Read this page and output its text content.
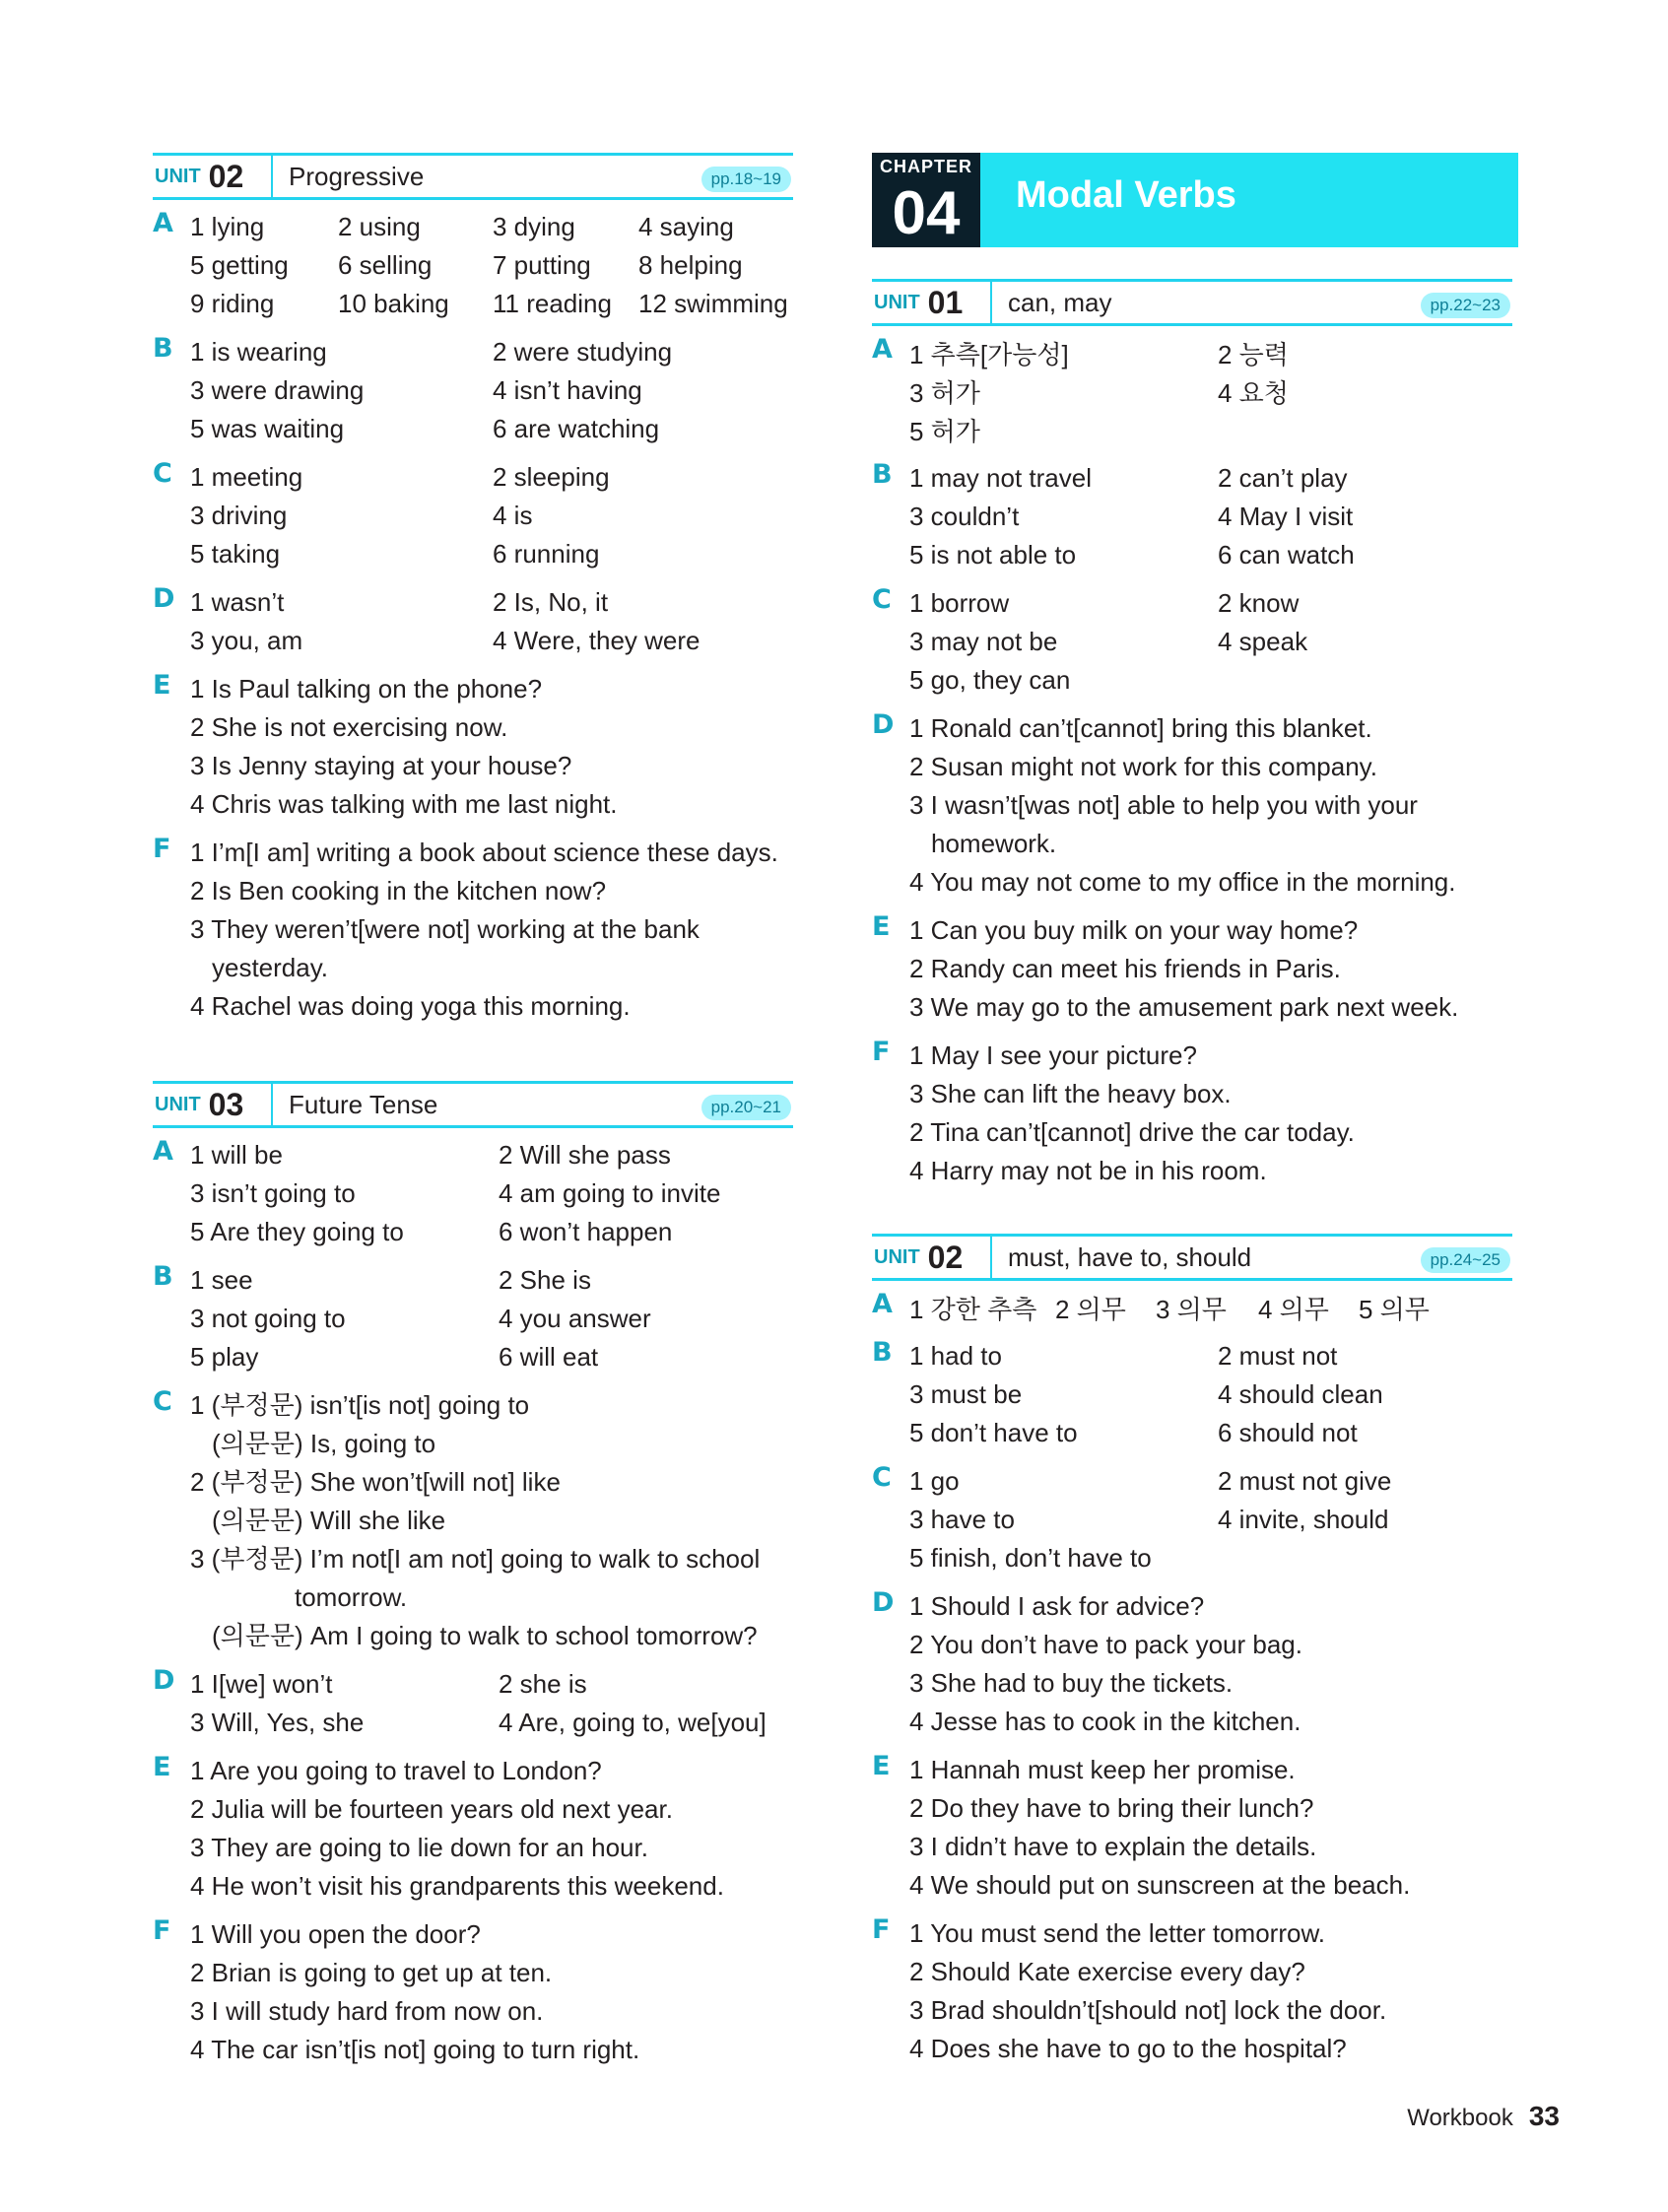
UNIT 02	Progressive	pp.18~19
A 1 lying	2 using	3 dying	4 saying
5 getting	6 selling	7 putting	8 helping
9 riding	10 baking	11 reading	12 swimming
B 1 is wearing	2 were studying
3 were drawing	4 isn’t having
5 was waiting	6 are watching
C 1 meeting	2 sleeping
3 driving	4 is
5 taking	6 running
D 1 wasn’t	2 Is, No, it
3 you, am	4 Were, they were
E 1 Is Paul talking on the phone?
2 She is not exercising now.
3 Is Jenny staying at your house?
4 Chris was talking with me last night.
F 1 I’m[I am] writing a book about science these days.
2 Is Ben cooking in the kitchen now?
3 They weren’t[were not] working at the bank
yesterday.
4 Rachel was doing yoga this morning.
UNIT 03	Future Tense	pp.20~21
A 1 will be	2 Will she pass
3 isn’t going to	4 am going to invite
5 Are they going to	6 won’t happen
B 1 see	2 She is
3 not going to	4 you answer
5 play	6 will eat
C 1 (부정문) isn’t[is not] going to
(의문문) Is, going to
2 (부정문) She won’t[will not] like
(의문문) Will she like
3 (부정문) I’m not[I am not] going to walk to school
tomorrow.
(의문문) Am I going to walk to school tomorrow?
D 1 I[we] won’t	2 she is
3 Will, Yes, she	4 Are, going to, we[you]
E 1 Are you going to travel to London?
2 Julia will be fourteen years old next year.
3 They are going to lie down for an hour.
4 He won’t visit his grandparents this weekend.
F 1 Will you open the door?
2 Brian is going to get up at ten.
3 I will study hard from now on.
4 The car isn’t[is not] going to turn right.
CHAPTER
04	Modal Verbs
UNIT 01	can, may	pp.22~23
A 1 추측[가능성]	2 능력
3 허가	4 요청
5 허가
B 1 may not travel	2 can’t play
3 couldn’t	4 May I visit
5 is not able to	6 can watch
C 1 borrow	2 know
3 may not be	4 speak
5 go, they can
D 1 Ronald can’t[cannot] bring this blanket.
2 Susan might not work for this company.
3 I wasn’t[was not] able to help you with your
homework.
4 You may not come to my office in the morning.
E 1 Can you buy milk on your way home?
2 Randy can meet his friends in Paris.
3 We may go to the amusement park next week.
F 1 May I see your picture?
3 She can lift the heavy box.
2 Tina can’t[cannot] drive the car today.
4 Harry may not be in his room.
UNIT 02	must, have to, should	pp.24~25
A 1 강한 추측 2 의무	3 의무	4 의무	5 의무
B 1 had to	2 must not
3 must be	4 should clean
5 don’t have to	6 should not
C 1 go	2 must not give
3 have to	4 invite, should
5 finish, don’t have to
D 1 Should I ask for advice?
2 You don’t have to pack your bag.
3 She had to buy the tickets.
4 Jesse has to cook in the kitchen.
E 1 Hannah must keep her promise.
2 Do they have to bring their lunch?
3 I didn’t have to explain the details.
4 We should put on sunscreen at the beach.
F 1 You must send the letter tomorrow.
2 Should Kate exercise every day?
3 Brad shouldn’t[should not] lock the door.
4 Does she have to go to the hospital?
Workbook 33
